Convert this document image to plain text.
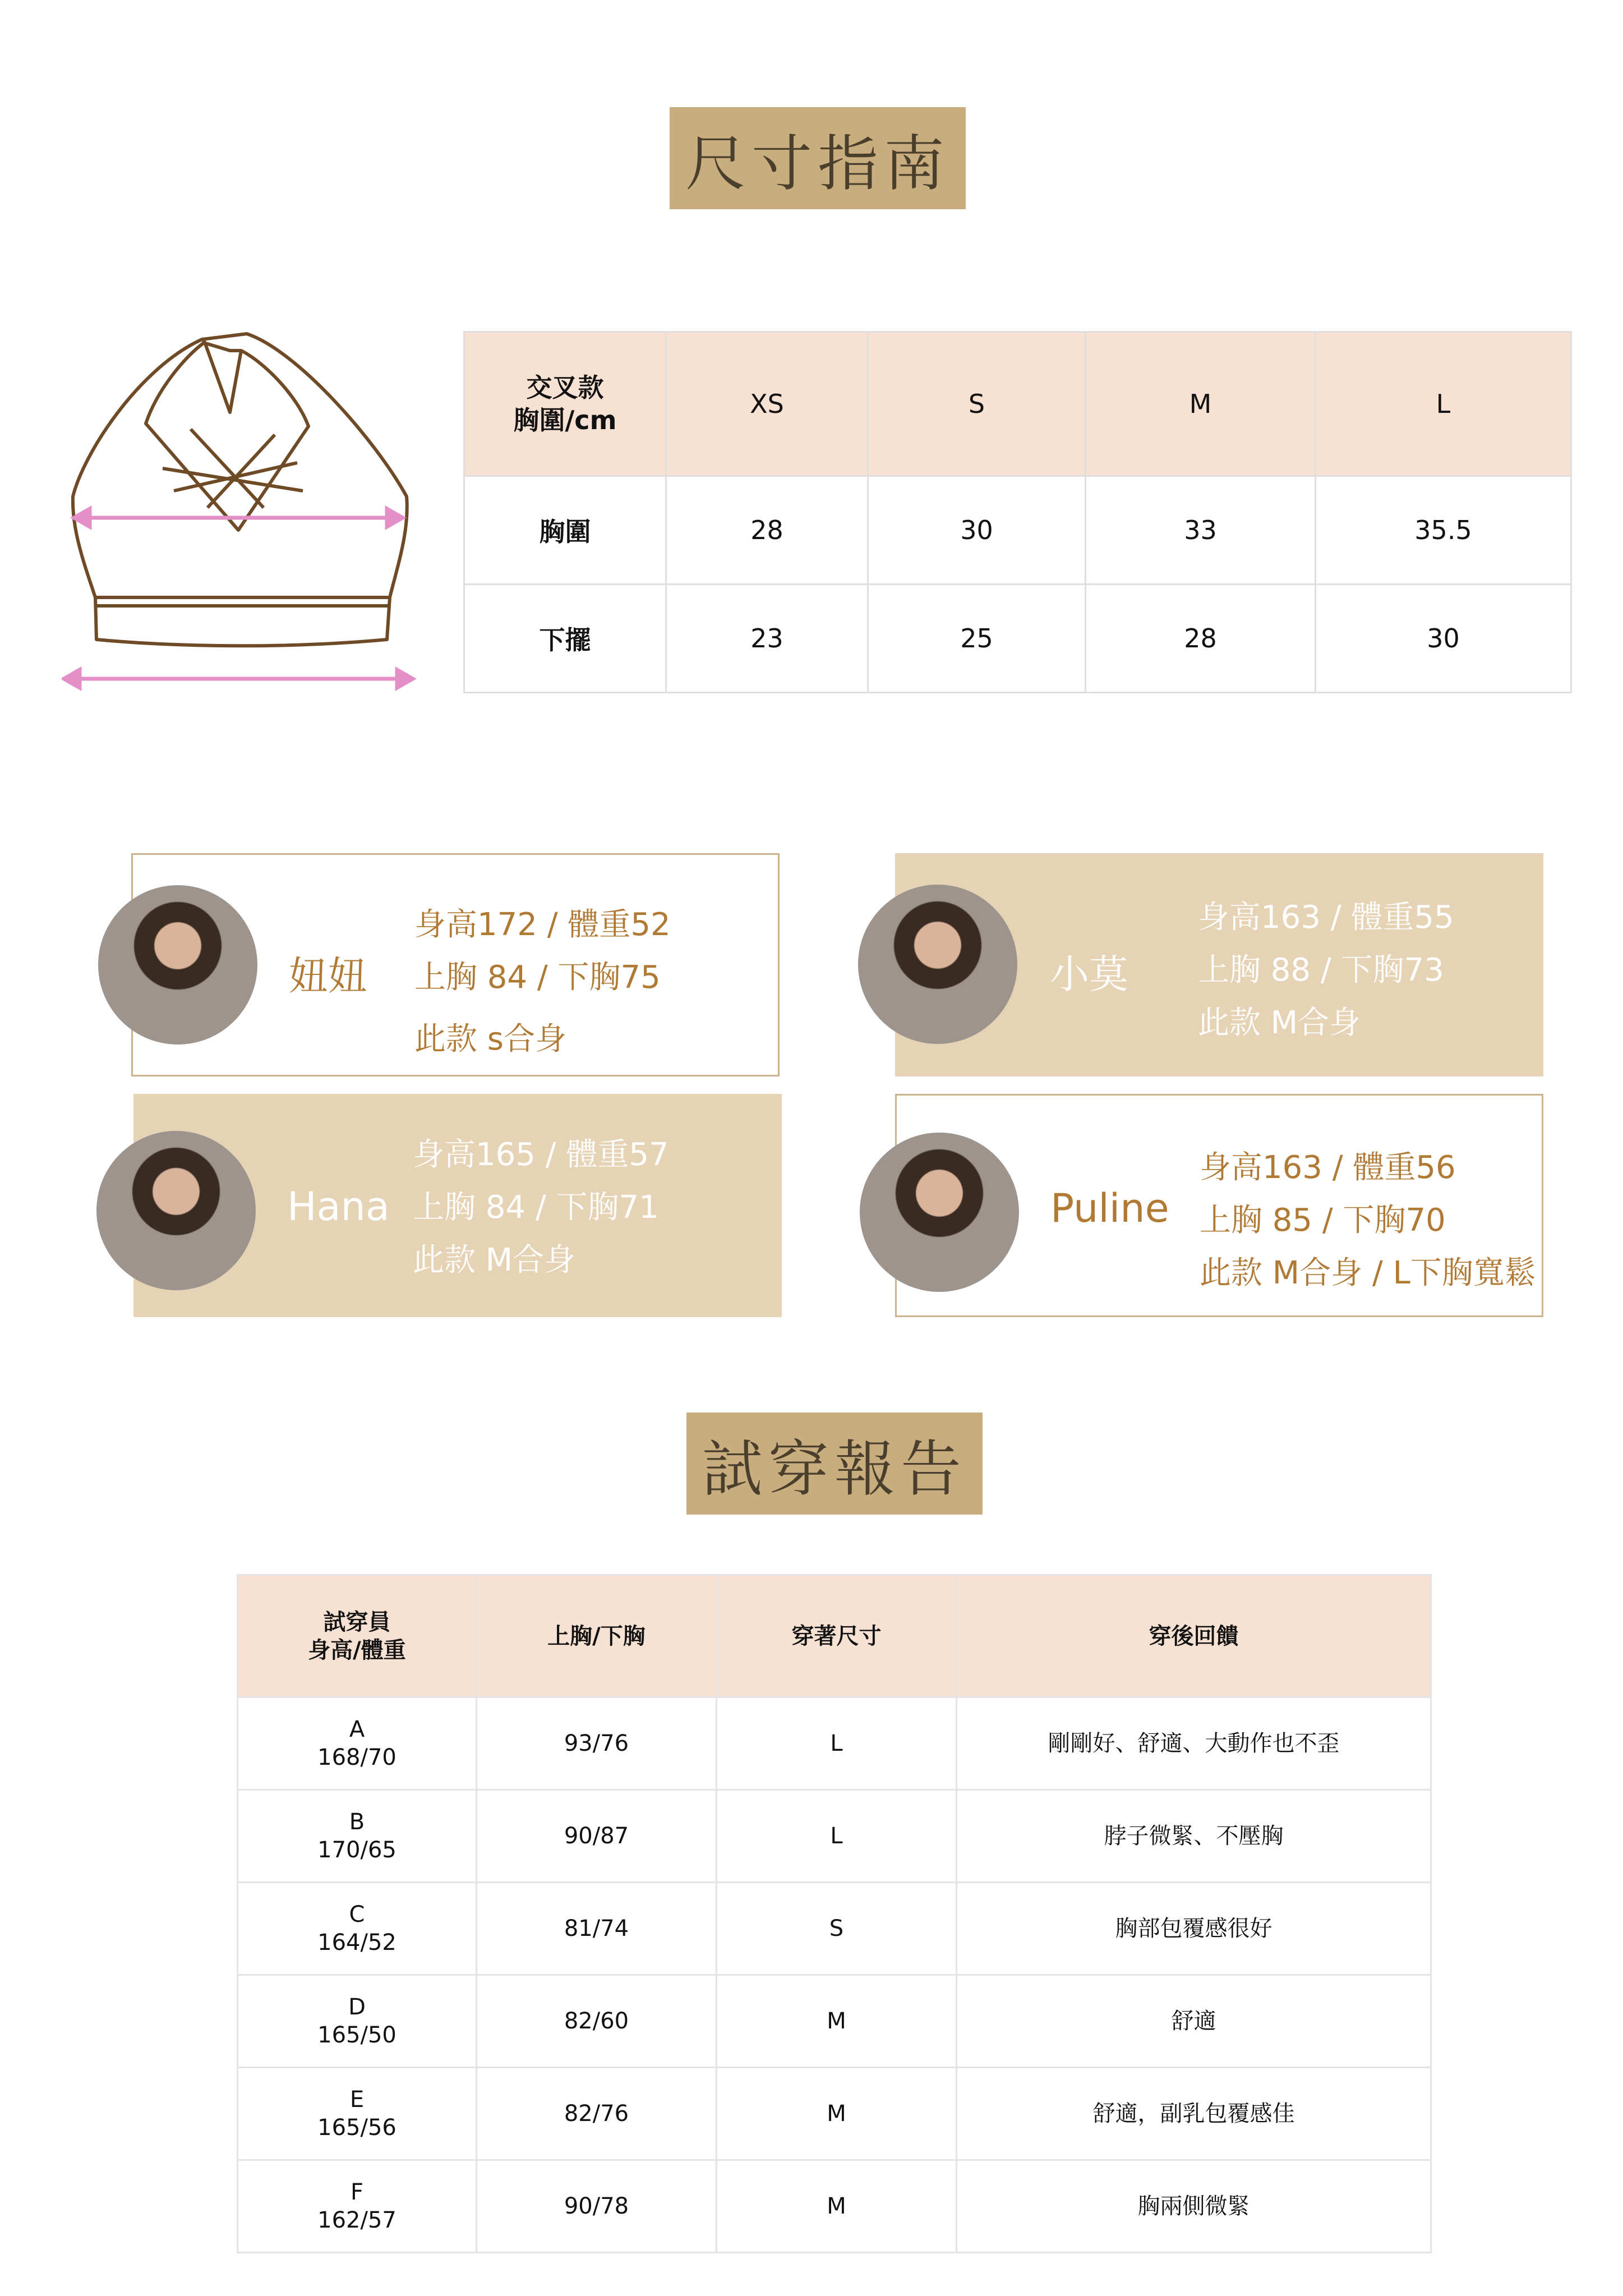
尺寸指南
交叉款
胸圍/cm	XS	S	M	L
胸圍	28	30	33	35.5
下擺	23	25	28	30
妞妞
身高172 / 體重52
上胸 84 / 下胸75
此款 s合身
小莫
身高163 / 體重55
上胸 88 / 下胸73
此款 M合身
Hana
身高165 / 體重57
上胸 84 / 下胸71
此款 M合身
Puline
身高163 / 體重56
上胸 85 / 下胸70
此款 M合身 / L下胸寬鬆
試穿報告
試穿員
身高/體重	上胸/下胸	穿著尺寸	穿後回饋

A
168/70	93/76	L	剛剛好、舒適、大動作也不歪

B
170/65	90/87	L	脖子微緊、不壓胸

C
164/52	81/74	S	胸部包覆感很好

D
165/50	82/60	M	舒適

E
165/56	82/76	M	舒適，副乳包覆感佳

F
162/57	90/78	M	胸兩側微緊
